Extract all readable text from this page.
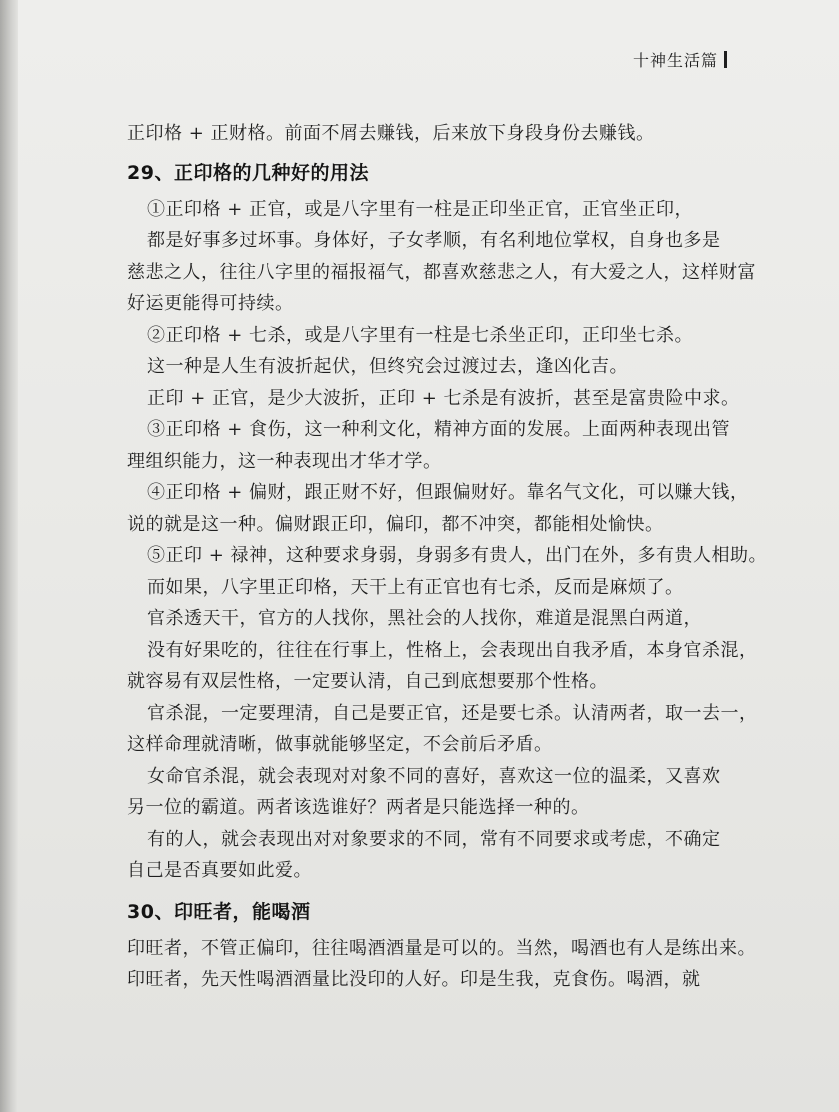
十神生活篇

正印格 + 正财格。前面不屑去赚钱，后来放下身段身份去赚钱。

29、正印格的几种好的用法

①正印格 + 正官，或是八字里有一柱是正印坐正官，正官坐正印，

都是好事多过坏事。身体好，子女孝顺，有名利地位掌权，自身也多是

慈悲之人，往往八字里的福报福气，都喜欢慈悲之人，有大爱之人，这样财富

好运更能得可持续。

②正印格 + 七杀，或是八字里有一柱是七杀坐正印，正印坐七杀。

这一种是人生有波折起伏，但终究会过渡过去，逢凶化吉。

正印 + 正官，是少大波折，正印 + 七杀是有波折，甚至是富贵险中求。

③正印格 + 食伤，这一种利文化，精神方面的发展。上面两种表现出管

理组织能力，这一种表现出才华才学。

④正印格 + 偏财，跟正财不好，但跟偏财好。靠名气文化，可以赚大钱，

说的就是这一种。偏财跟正印，偏印，都不冲突，都能相处愉快。

⑤正印 + 禄神，这种要求身弱，身弱多有贵人，出门在外，多有贵人相助。

而如果，八字里正印格，天干上有正官也有七杀，反而是麻烦了。

官杀透天干，官方的人找你，黑社会的人找你，难道是混黑白两道，

没有好果吃的，往往在行事上，性格上，会表现出自我矛盾，本身官杀混，

就容易有双层性格，一定要认清，自己到底想要那个性格。

官杀混，一定要理清，自己是要正官，还是要七杀。认清两者，取一去一，

这样命理就清晰，做事就能够坚定，不会前后矛盾。

女命官杀混，就会表现对对象不同的喜好，喜欢这一位的温柔，又喜欢

另一位的霸道。两者该选谁好？两者是只能选择一种的。

有的人，就会表现出对对象要求的不同，常有不同要求或考虑，不确定

自己是否真要如此爱。

30、印旺者，能喝酒

印旺者，不管正偏印，往往喝酒酒量是可以的。当然，喝酒也有人是练出来。

印旺者，先天性喝酒酒量比没印的人好。印是生我，克食伤。喝酒，就
